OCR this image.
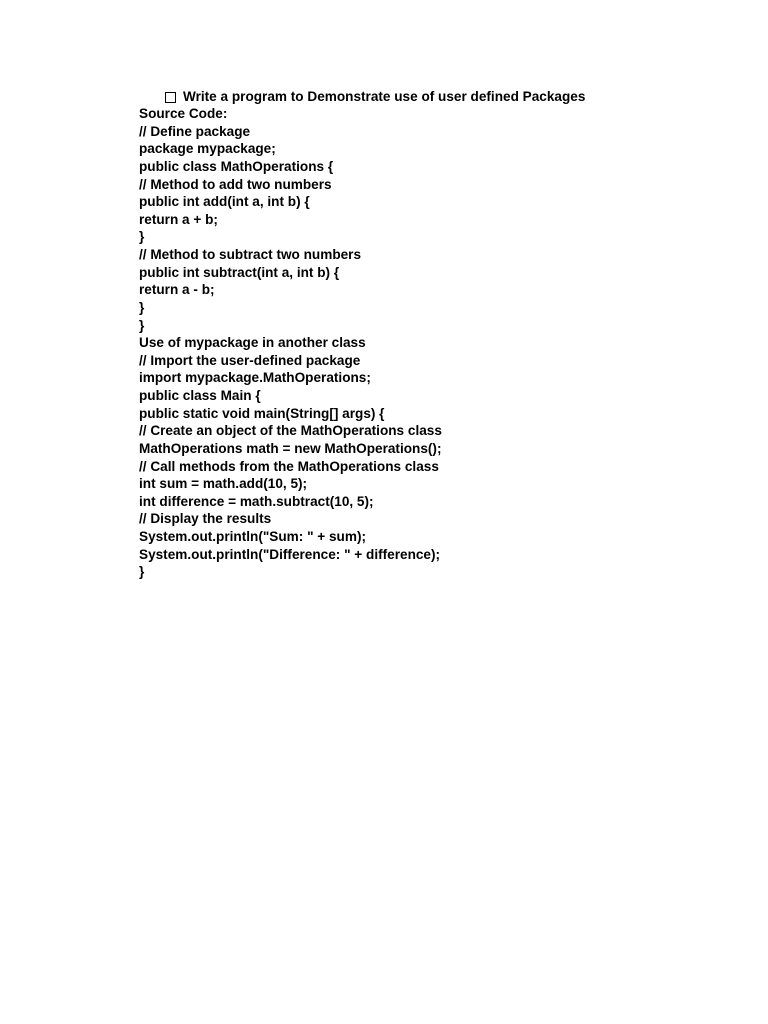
Write a program to Demonstrate use of user defined Packages
Source Code:
// Define package
package mypackage;
public class MathOperations {
// Method to add two numbers
public int add(int a, int b) {
return a + b;
}
// Method to subtract two numbers
public int subtract(int a, int b) {
return a - b;
}
}
Use of mypackage in another class
// Import the user-defined package
import mypackage.MathOperations;
public class Main {
public static void main(String[] args) {
// Create an object of the MathOperations class
MathOperations math = new MathOperations();
// Call methods from the MathOperations class
int sum = math.add(10, 5);
int difference = math.subtract(10, 5);
// Display the results
System.out.println("Sum: " + sum);
System.out.println("Difference: " + difference);
}
